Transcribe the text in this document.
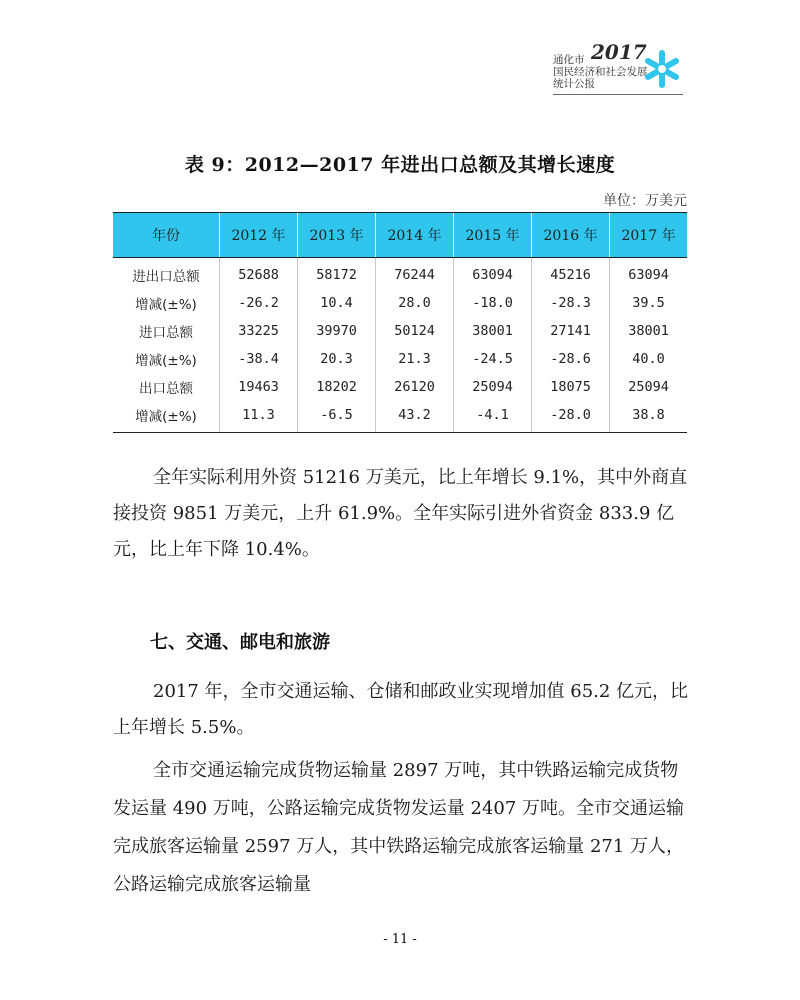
2017
通化市
国民经济和社会发展
统计公报
表 9：2012—2017 年进出口总额及其增长速度
单位：万美元
年份	2012 年	2013 年	2014 年	2015 年	2016 年	2017 年
进出口总额	52688	58172	76244	63094	45216	63094
增减(±%)	-26.2	10.4	28.0	-18.0	-28.3	39.5
进口总额	33225	39970	50124	38001	27141	38001
增减(±%)	-38.4	20.3	21.3	-24.5	-28.6	40.0
出口总额	19463	18202	26120	25094	18075	25094
增减(±%)	11.3	-6.5	43.2	-4.1	-28.0	38.8
全年实际利用外资 51216 万美元，比上年增长 9.1%，其中外商直接投资 9851 万美元，上升 61.9%。全年实际引进外省资金 833.9 亿元，比上年下降 10.4%。
七、交通、邮电和旅游
2017 年，全市交通运输、仓储和邮政业实现增加值 65.2 亿元，比上年增长 5.5%。
全市交通运输完成货物运输量 2897 万吨，其中铁路运输完成货物发运量 490 万吨，公路运输完成货物发运量 2407 万吨。全市交通运输完成旅客运输量 2597 万人，其中铁路运输完成旅客运输量 271 万人，公路运输完成旅客运输量
- 11 -
